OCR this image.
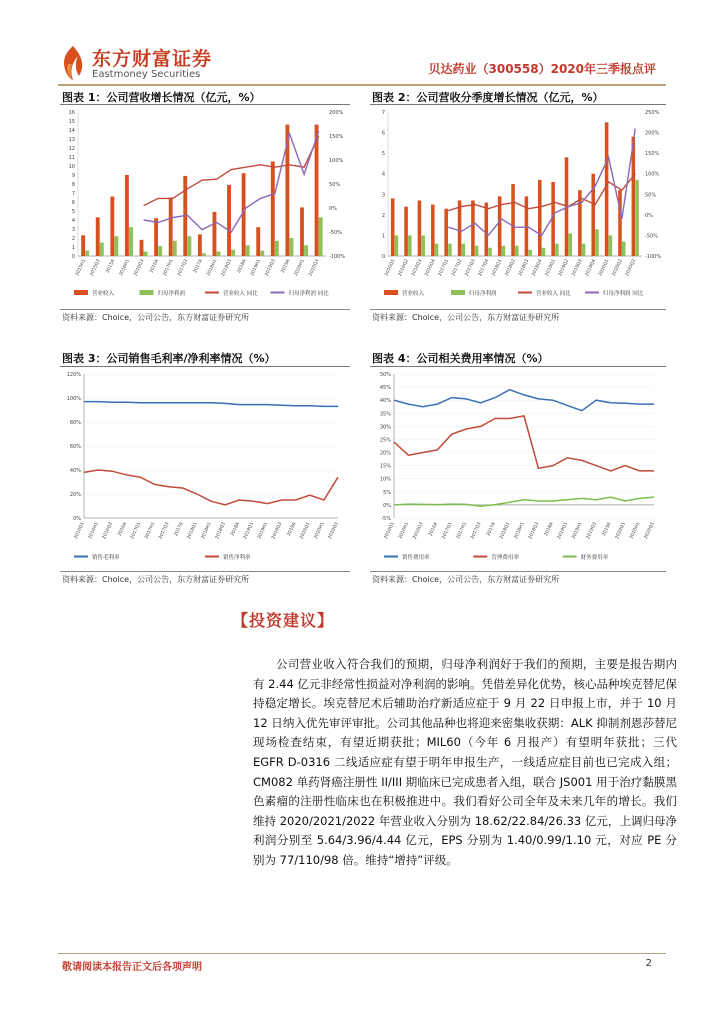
东方财富证券
Eastmoney Securities	贝达药业（300558）2020年三季报点评
图表 1：公司营收增长情况（亿元，%）
0
1
2
3
4
5
6
7
8
9
10
11
12
13
14
15
16
-100%
-50%
0%
50%
100%
150%
200%
2015H1 2015Q3 2015A 2016H1 2016Q3 2016A 2017H1 2017Q3 2017A 2018H1 2018Q3 2018A 2019H1 2019Q3 2019A 2020H1 2020Q3
营业收入	归母净利润	营业收入 同比	归母净利润 同比
资料来源：Choice，公司公告，东方财富证券研究所
图表 2：公司营收分季度增长情况（亿元，%）
0
1
2
3
4
5
6
7
-100%
-50%
0%
50%
100%
150%
200%
250%
2016Q1 2016Q2 2016Q3 2016Q4 2017Q1 2017Q2 2017Q3 2017Q4 2018Q1 2018Q2 2018Q3 2018Q4 2019Q1 2019Q2 2019Q3 2019Q4 2020Q1 2020Q2 2020Q3
营业收入	归母净利润	营业收入 同比	归母净利润 同比
资料来源：Choice，公司公告，东方财富证券研究所
图表 3：公司销售毛利率/净利率情况（%）
0%
20%
40%
60%
80%
100%
120%
2016Q1 2016H1 2016Q3 2016A 2017Q1 2017H1 2017Q3 2017A 2018Q1 2018H1 2018Q3 2018A 2019Q1 2019H1 2019Q3 2019A 2020Q1 2020H1 2020Q3
销售毛利率	销售净利率
资料来源：Choice，公司公告，东方财富证券研究所
图表 4：公司相关费用率情况（%）
-5%
0%
5%
10%
15%
20%
25%
30%
35%
40%
45%
50%
2016Q1 2016H1 2016Q3 2016A 2017Q1 2017H1 2017Q3 2017A 2018Q1 2018H1 2018Q3 2018A 2019Q1 2019H1 2019Q3 2019A 2020Q1 2020H1 2020Q3
销售费用率	管理费用率	财务费用率
资料来源：Choice，公司公告，东方财富证券研究所
【投资建议】

公司营业收入符合我们的预期，归母净利润好于我们的预期，主要是报告期内有 2.44 亿元非经常性损益对净利润的影响。凭借差异化优势，核心品种埃克替尼保持稳定增长。埃克替尼术后辅助治疗新适应症于 9 月 22 日申报上市，并于 10 月 12 日纳入优先审评审批。公司其他品种也将迎来密集收获期：ALK 抑制剂恩莎替尼现场检查结束，有望近期获批；MIL60（今年 6 月报产）有望明年获批；三代 EGFR D-0316 二线适应症有望于明年申报生产，一线适应症目前也已完成入组；CM082 单药肾癌注册性 II/III 期临床已完成患者入组，联合 JS001 用于治疗黏膜黑色素瘤的注册性临床也在积极推进中。我们看好公司全年及未来几年的增长。我们维持 2020/2021/2022 年营业收入分别为 18.62/22.84/26.33 亿元，上调归母净利润分别至 5.64/3.96/4.44 亿元，EPS 分别为 1.40/0.99/1.10 元，对应 PE 分别为 77/110/98 倍。维持“增持”评级。

敬请阅读本报告正文后各项声明	2
